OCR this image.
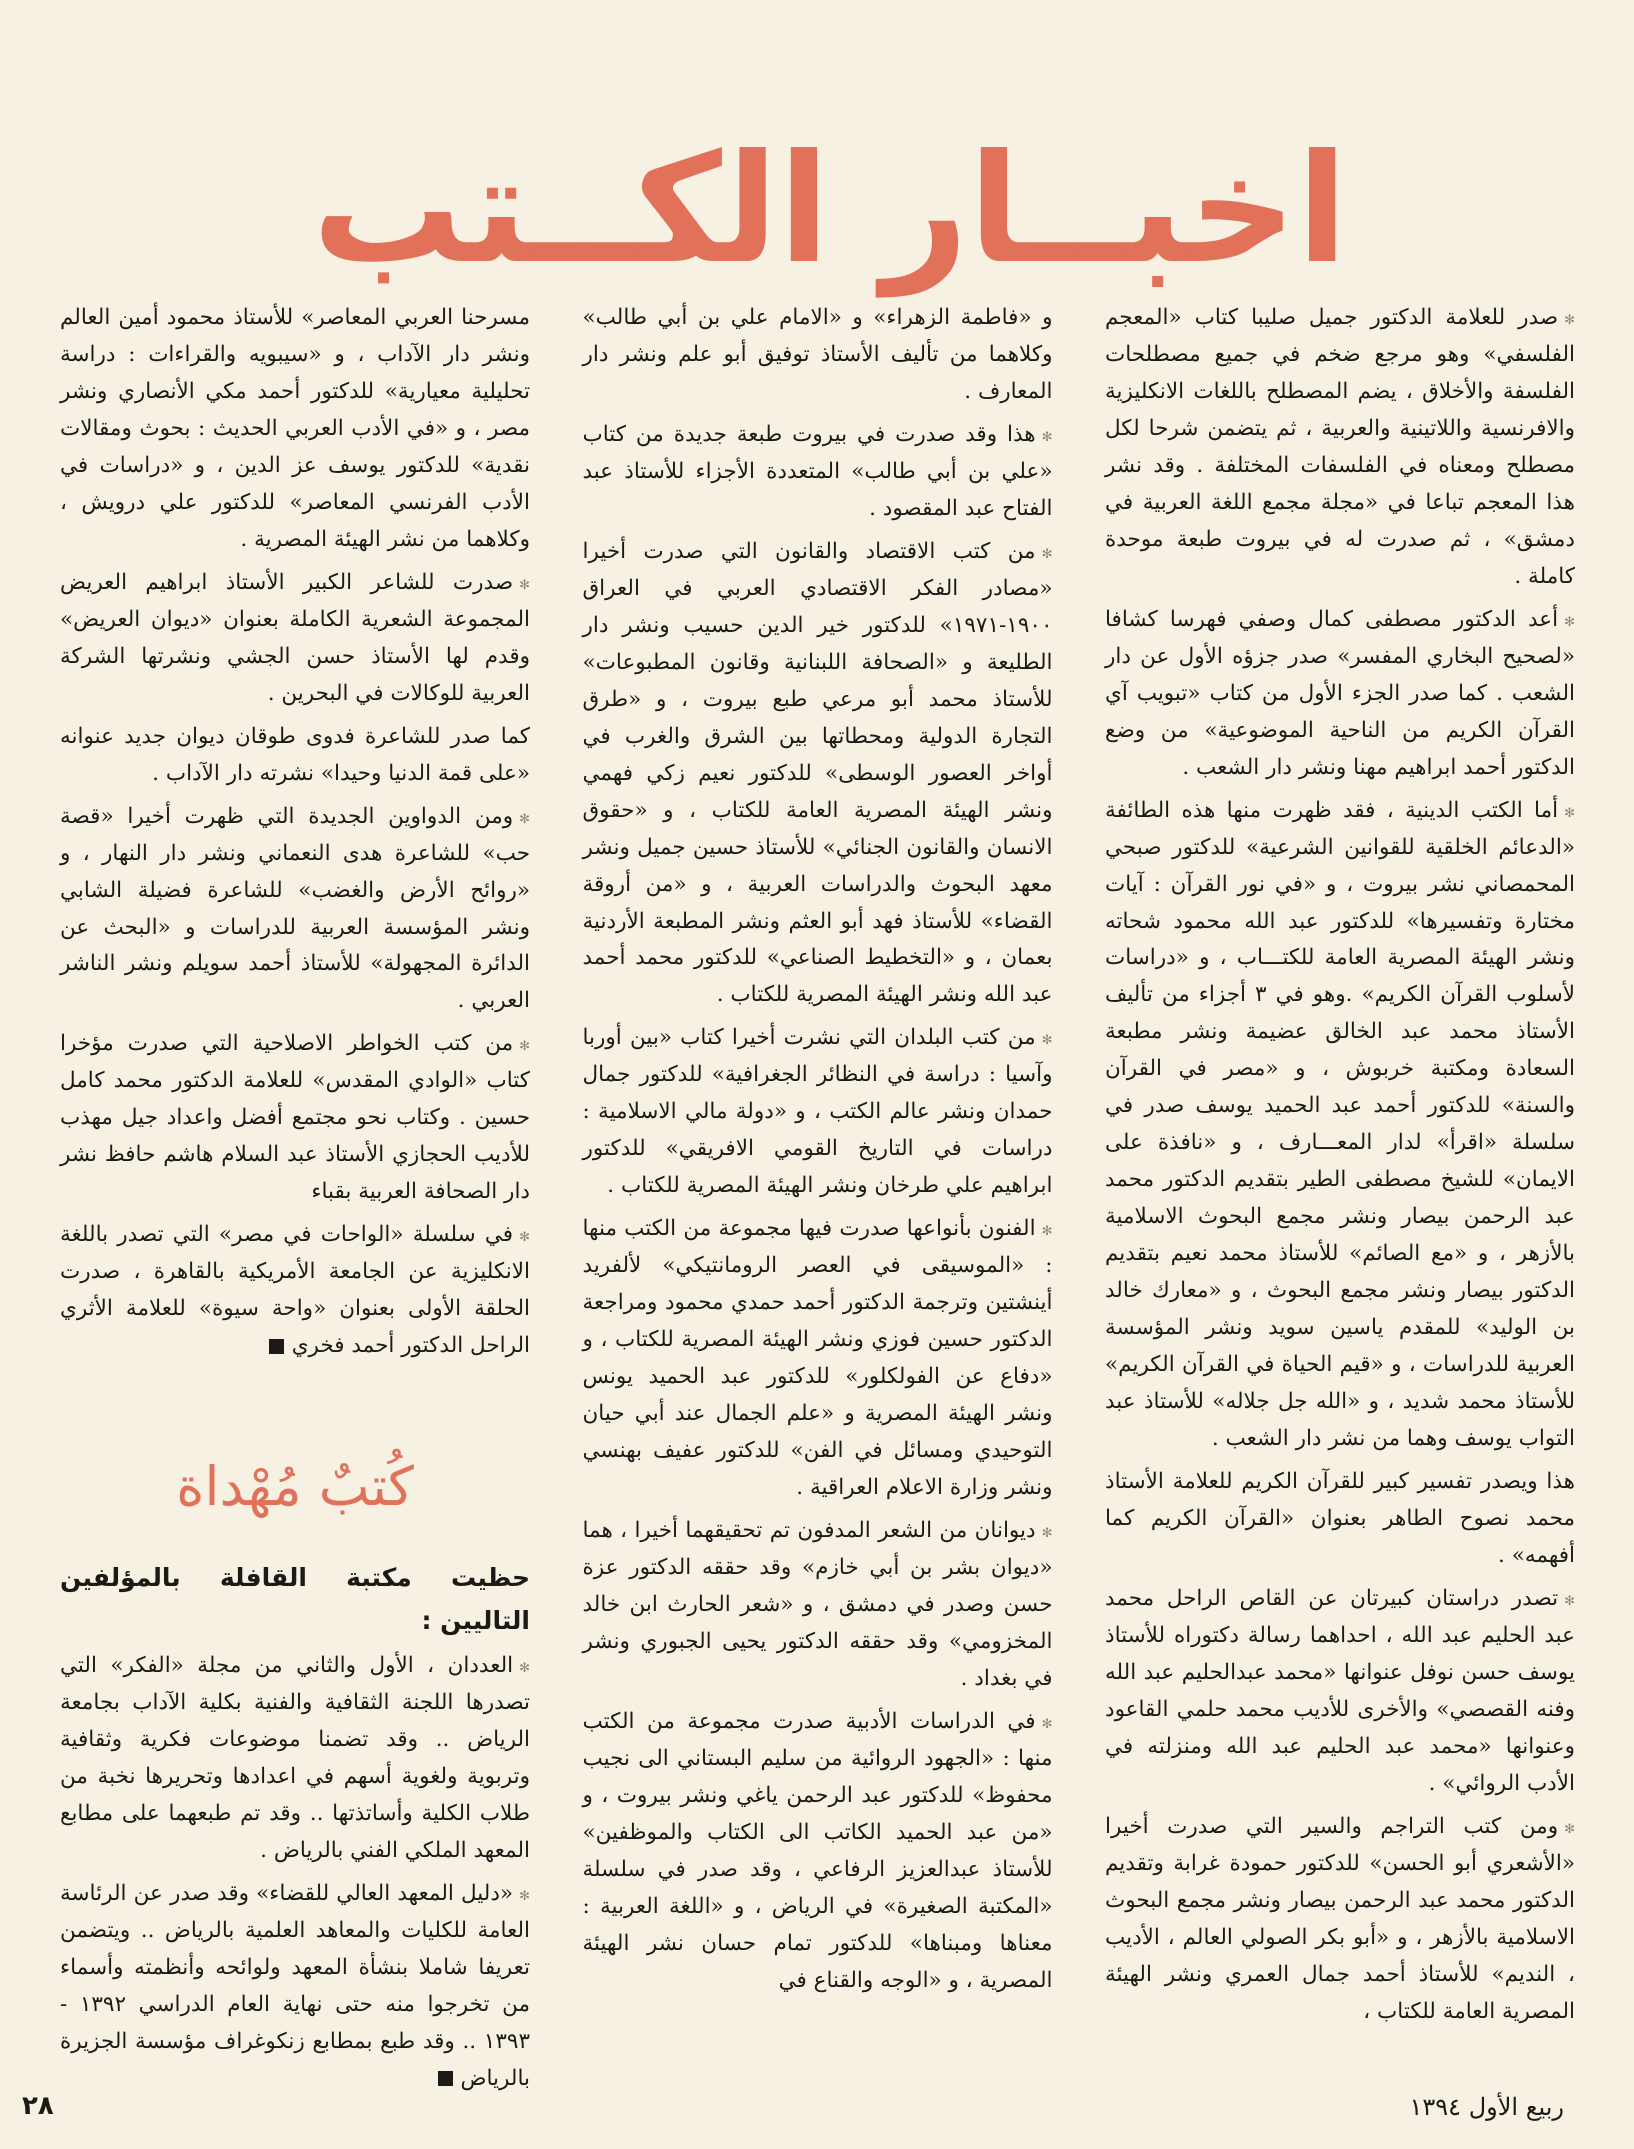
اخبــار الكــتب

✻صدر للعلامة الدكتور جميل صليبا كتاب «المعجم الفلسفي» وهو مرجع ضخم في جميع مصطلحات الفلسفة والأخلاق ، يضم المصطلح باللغات الانكليزية والافرنسية واللاتينية والعربية ، ثم يتضمن شرحا لكل مصطلح ومعناه في الفلسفات المختلفة . وقد نشر هذا المعجم تباعا في «مجلة مجمع اللغة العربية في دمشق» ، ثم صدرت له في بيروت طبعة موحدة كاملة .

✻أعد الدكتور مصطفى كمال وصفي فهرسا كشافا «لصحيح البخاري المفسر» صدر جزؤه الأول عن دار الشعب . كما صدر الجزء الأول من كتاب «تبويب آي القرآن الكريم من الناحية الموضوعية» من وضع الدكتور أحمد ابراهيم مهنا ونشر دار الشعب .

✻أما الكتب الدينية ، فقد ظهرت منها هذه الطائفة «الدعائم الخلقية للقوانين الشرعية» للدكتور صبحي المحمصاني نشر بيروت ، و «في نور القرآن : آيات مختارة وتفسيرها» للدكتور عبد الله محمود شحاته ونشر الهيئة المصرية العامة للكتـــاب ، و «دراسات لأسلوب القرآن الكريم» .وهو في ٣ أجزاء من تأليف الأستاذ محمد عبد الخالق عضيمة ونشر مطبعة السعادة ومكتبة خربوش ، و «مصر في القرآن والسنة» للدكتور أحمد عبد الحميد يوسف صدر في سلسلة «اقرأ» لدار المعـــارف ، و «نافذة على الايمان» للشيخ مصطفى الطير بتقديم الدكتور محمد عبد الرحمن بيصار ونشر مجمع البحوث الاسلامية بالأزهر ، و «مع الصائم» للأستاذ محمد نعيم بتقديم الدكتور بيصار ونشر مجمع البحوث ، و «معارك خالد بن الوليد» للمقدم ياسين سويد ونشر المؤسسة العربية للدراسات ، و «قيم الحياة في القرآن الكريم» للأستاذ محمد شديد ، و «الله جل جلاله» للأستاذ عبد التواب يوسف وهما من نشر دار الشعب .

هذا ويصدر تفسير كبير للقرآن الكريم للعلامة الأستاذ محمد نصوح الطاهر بعنوان «القرآن الكريم كما أفهمه» .

✻تصدر دراستان كبيرتان عن القاص الراحل محمد عبد الحليم عبد الله ، احداهما رسالة دكتوراه للأستاذ يوسف حسن نوفل عنوانها «محمد عبدالحليم عبد الله وفنه القصصي» والأخرى للأديب محمد حلمي القاعود وعنوانها «محمد عبد الحليم عبد الله ومنزلته في الأدب الروائي» .

✻ومن كتب التراجم والسير التي صدرت أخيرا «الأشعري أبو الحسن» للدكتور حمودة غرابة وتقديم الدكتور محمد عبد الرحمن بيصار ونشر مجمع البحوث الاسلامية بالأزهر ، و «أبو بكر الصولي العالم ، الأديب ، النديم» للأستاذ أحمد جمال العمري ونشر الهيئة المصرية العامة للكتاب ،

و «فاطمة الزهراء» و «الامام علي بن أبي طالب» وكلاهما من تأليف الأستاذ توفيق أبو علم ونشر دار المعارف .

✻هذا وقد صدرت في بيروت طبعة جديدة من كتاب «علي بن أبي طالب» المتعددة الأجزاء للأستاذ عبد الفتاح عبد المقصود .

✻من كتب الاقتصاد والقانون التي صدرت أخيرا «مصادر الفكر الاقتصادي العربي في العراق ١٩٠٠-١٩٧١» للدكتور خير الدين حسيب ونشر دار الطليعة و «الصحافة اللبنانية وقانون المطبوعات» للأستاذ محمد أبو مرعي طبع بيروت ، و «طرق التجارة الدولية ومحطاتها بين الشرق والغرب في أواخر العصور الوسطى» للدكتور نعيم زكي فهمي ونشر الهيئة المصرية العامة للكتاب ، و «حقوق الانسان والقانون الجنائي» للأستاذ حسين جميل ونشر معهد البحوث والدراسات العربية ، و «من أروقة القضاء» للأستاذ فهد أبو العثم ونشر المطبعة الأردنية بعمان ، و «التخطيط الصناعي» للدكتور محمد أحمد عبد الله ونشر الهيئة المصرية للكتاب .

✻من كتب البلدان التي نشرت أخيرا كتاب «بين أوربا وآسيا : دراسة في النظائر الجغرافية» للدكتور جمال حمدان ونشر عالم الكتب ، و «دولة مالي الاسلامية : دراسات في التاريخ القومي الافريقي» للدكتور ابراهيم علي طرخان ونشر الهيئة المصرية للكتاب .

✻الفنون بأنواعها صدرت فيها مجموعة من الكتب منها : «الموسيقى في العصر الرومانتيكي» لألفريد أينشتين وترجمة الدكتور أحمد حمدي محمود ومراجعة الدكتور حسين فوزي ونشر الهيئة المصرية للكتاب ، و «دفاع عن الفولكلور» للدكتور عبد الحميد يونس ونشر الهيئة المصرية و «علم الجمال عند أبي حيان التوحيدي ومسائل في الفن» للدكتور عفيف بهنسي ونشر وزارة الاعلام العراقية .

✻ديوانان من الشعر المدفون تم تحقيقهما أخيرا ، هما «ديوان بشر بن أبي خازم» وقد حققه الدكتور عزة حسن وصدر في دمشق ، و «شعر الحارث ابن خالد المخزومي» وقد حققه الدكتور يحيى الجبوري ونشر في بغداد .

✻في الدراسات الأدبية صدرت مجموعة من الكتب منها : «الجهود الروائية من سليم البستاني الى نجيب محفوظ» للدكتور عبد الرحمن ياغي ونشر بيروت ، و «من عبد الحميد الكاتب الى الكتاب والموظفين» للأستاذ عبدالعزيز الرفاعي ، وقد صدر في سلسلة «المكتبة الصغيرة» في الرياض ، و «اللغة العربية : معناها ومبناها» للدكتور تمام حسان نشر الهيئة المصرية ، و «الوجه والقناع في

مسرحنا العربي المعاصر» للأستاذ محمود أمين العالم ونشر دار الآداب ، و «سيبويه والقراءات : دراسة تحليلية معيارية» للدكتور أحمد مكي الأنصاري ونشر مصر ، و «في الأدب العربي الحديث : بحوث ومقالات نقدية» للدكتور يوسف عز الدين ، و «دراسات في الأدب الفرنسي المعاصر» للدكتور علي درويش ، وكلاهما من نشر الهيئة المصرية .

✻صدرت للشاعر الكبير الأستاذ ابراهيم العريض المجموعة الشعرية الكاملة بعنوان «ديوان العريض» وقدم لها الأستاذ حسن الجشي ونشرتها الشركة العربية للوكالات في البحرين .

كما صدر للشاعرة فدوى طوقان ديوان جديد عنوانه «على قمة الدنيا وحيدا» نشرته دار الآداب .

✻ومن الدواوين الجديدة التي ظهرت أخيرا «قصة حب» للشاعرة هدى النعماني ونشر دار النهار ، و «روائح الأرض والغضب» للشاعرة فضيلة الشابي ونشر المؤسسة العربية للدراسات و «البحث عن الدائرة المجهولة» للأستاذ أحمد سويلم ونشر الناشر العربي .

✻من كتب الخواطر الاصلاحية التي صدرت مؤخرا كتاب «الوادي المقدس» للعلامة الدكتور محمد كامل حسين . وكتاب نحو مجتمع أفضل واعداد جيل مهذب للأديب الحجازي الأستاذ عبد السلام هاشم حافظ نشر دار الصحافة العربية بقباء

✻في سلسلة «الواحات في مصر» التي تصدر باللغة الانكليزية عن الجامعة الأمريكية بالقاهرة ، صدرت الحلقة الأولى بعنوان «واحة سيوة» للعلامة الأثري الراحل الدكتور أحمد فخري

كُتبٌ مُهْداة

حظيت مكتبة القافلة بالمؤلفين التاليين :

✻العددان ، الأول والثاني من مجلة «الفكر» التي تصدرها اللجنة الثقافية والفنية بكلية الآداب بجامعة الرياض .. وقد تضمنا موضوعات فكرية وثقافية وتربوية ولغوية أسهم في اعدادها وتحريرها نخبة من طلاب الكلية وأساتذتها .. وقد تم طبعهما على مطابع المعهد الملكي الفني بالرياض .

✻«دليل المعهد العالي للقضاء» وقد صدر عن الرئاسة العامة للكليات والمعاهد العلمية بالرياض .. ويتضمن تعريفا شاملا بنشأة المعهد ولوائحه وأنظمته وأسماء من تخرجوا منه حتى نهاية العام الدراسي ١٣٩٢ - ١٣٩٣ .. وقد طبع بمطابع زنكوغراف مؤسسة الجزيرة بالرياض

٢٨	ربيع الأول ١٣٩٤
